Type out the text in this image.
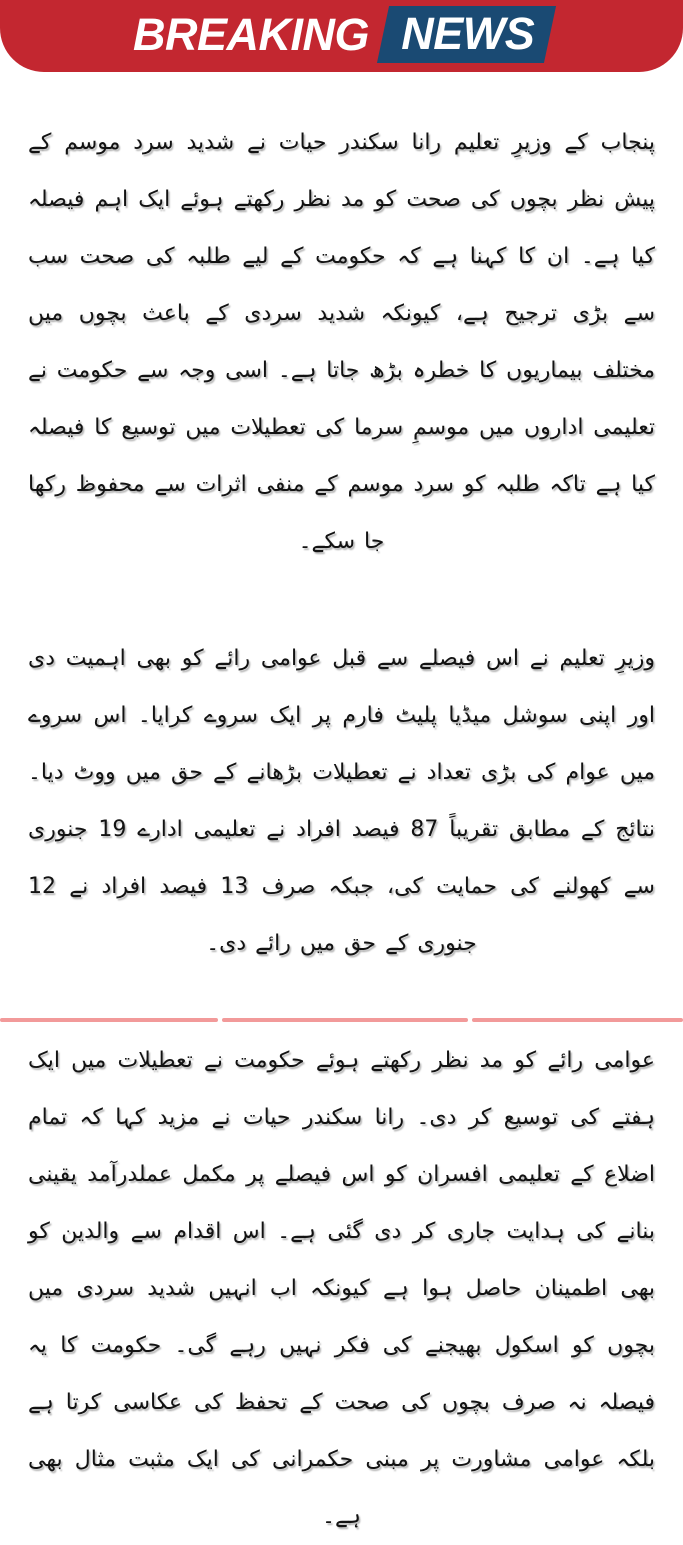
BREAKING NEWS

پنجاب کے وزیرِ تعلیم رانا سکندر حیات نے شدید سرد موسم کے پیش نظر بچوں کی صحت کو مد نظر رکھتے ہوئے ایک اہم فیصلہ کیا ہے۔ ان کا کہنا ہے کہ حکومت کے لیے طلبہ کی صحت سب سے بڑی ترجیح ہے، کیونکہ شدید سردی کے باعث بچوں میں مختلف بیماریوں کا خطرہ بڑھ جاتا ہے۔ اسی وجہ سے حکومت نے تعلیمی اداروں میں موسمِ سرما کی تعطیلات میں توسیع کا فیصلہ کیا ہے تاکہ طلبہ کو سرد موسم کے منفی اثرات سے محفوظ رکھا جا سکے۔

وزیرِ تعلیم نے اس فیصلے سے قبل عوامی رائے کو بھی اہمیت دی اور اپنی سوشل میڈیا پلیٹ فارم پر ایک سروے کرایا۔ اس سروے میں عوام کی بڑی تعداد نے تعطیلات بڑھانے کے حق میں ووٹ دیا۔ نتائج کے مطابق تقریباً 87 فیصد افراد نے تعلیمی ادارے 19 جنوری سے کھولنے کی حمایت کی، جبکہ صرف 13 فیصد افراد نے 12 جنوری کے حق میں رائے دی۔

عوامی رائے کو مد نظر رکھتے ہوئے حکومت نے تعطیلات میں ایک ہفتے کی توسیع کر دی۔ رانا سکندر حیات نے مزید کہا کہ تمام اضلاع کے تعلیمی افسران کو اس فیصلے پر مکمل عملدرآمد یقینی بنانے کی ہدایت جاری کر دی گئی ہے۔ اس اقدام سے والدین کو بھی اطمینان حاصل ہوا ہے کیونکہ اب انہیں شدید سردی میں بچوں کو اسکول بھیجنے کی فکر نہیں رہے گی۔ حکومت کا یہ فیصلہ نہ صرف بچوں کی صحت کے تحفظ کی عکاسی کرتا ہے بلکہ عوامی مشاورت پر مبنی حکمرانی کی ایک مثبت مثال بھی ہے۔
